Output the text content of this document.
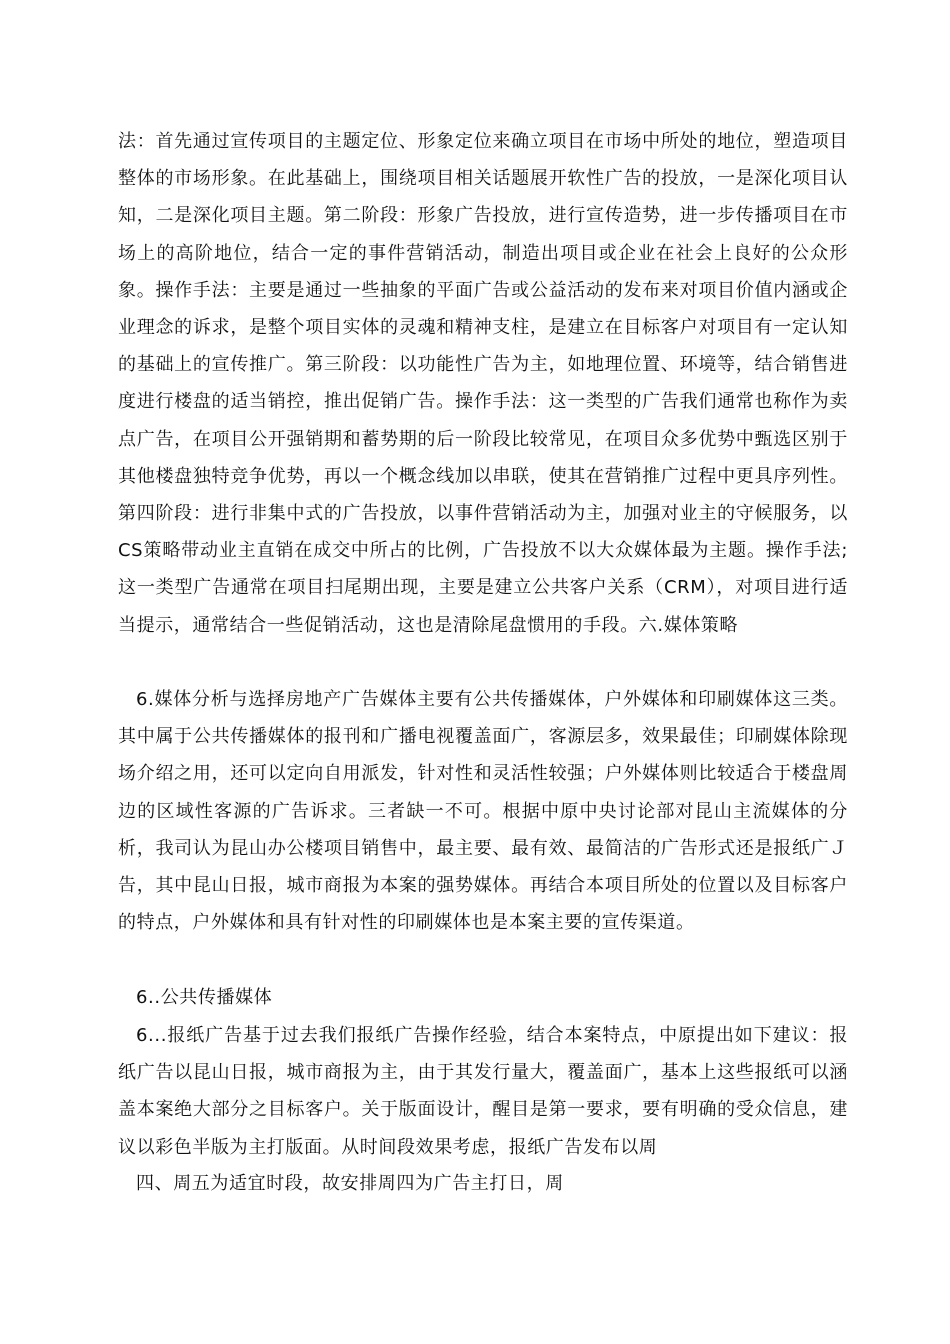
法：首先通过宣传项目的主题定位、形象定位来确立项目在市场中所处的地位，塑造项目整体的市场形象。在此基础上，围绕项目相关话题展开软性广告的投放，一是深化项目认知，二是深化项目主题。第二阶段：形象广告投放，进行宣传造势，进一步传播项目在市场上的高阶地位，结合一定的事件营销活动，制造出项目或企业在社会上良好的公众形象。操作手法：主要是通过一些抽象的平面广告或公益活动的发布来对项目价值内涵或企业理念的诉求，是整个项目实体的灵魂和精神支柱，是建立在目标客户对项目有一定认知的基础上的宣传推广。第三阶段：以功能性广告为主，如地理位置、环境等，结合销售进度进行楼盘的适当销控，推出促销广告。操作手法：这一类型的广告我们通常也称作为卖点广告，在项目公开强销期和蓄势期的后一阶段比较常见，在项目众多优势中甄选区别于其他楼盘独特竞争优势，再以一个概念线加以串联，使其在营销推广过程中更具序列性。第四阶段：进行非集中式的广告投放，以事件营销活动为主，加强对业主的守候服务，以CS策略带动业主直销在成交中所占的比例，广告投放不以大众媒体最为主题。操作手法;这一类型广告通常在项目扫尾期出现，主要是建立公共客户关系（CRM），对项目进行适当提示，通常结合一些促销活动，这也是清除尾盘惯用的手段。六.媒体策略

6.媒体分析与选择房地产广告媒体主要有公共传播媒体，户外媒体和印刷媒体这三类。其中属于公共传播媒体的报刊和广播电视覆盖面广，客源层多，效果最佳；印刷媒体除现场介绍之用，还可以定向自用派发，针对性和灵活性较强；户外媒体则比较适合于楼盘周边的区域性客源的广告诉求。三者缺一不可。根据中原中央讨论部对昆山主流媒体的分析，我司认为昆山办公楼项目销售中，最主要、最有效、最简洁的广告形式还是报纸广Ｊ告，其中昆山日报，城市商报为本案的强势媒体。再结合本项目所处的位置以及目标客户的特点，户外媒体和具有针对性的印刷媒体也是本案主要的宣传渠道。

6..公共传播媒体

6...报纸广告基于过去我们报纸广告操作经验，结合本案特点，中原提出如下建议：报纸广告以昆山日报，城市商报为主，由于其发行量大，覆盖面广，基本上这些报纸可以涵盖本案绝大部分之目标客户。关于版面设计，醒目是第一要求，要有明确的受众信息，建议以彩色半版为主打版面。从时间段效果考虑，报纸广告发布以周

四、周五为适宜时段，故安排周四为广告主打日，周
